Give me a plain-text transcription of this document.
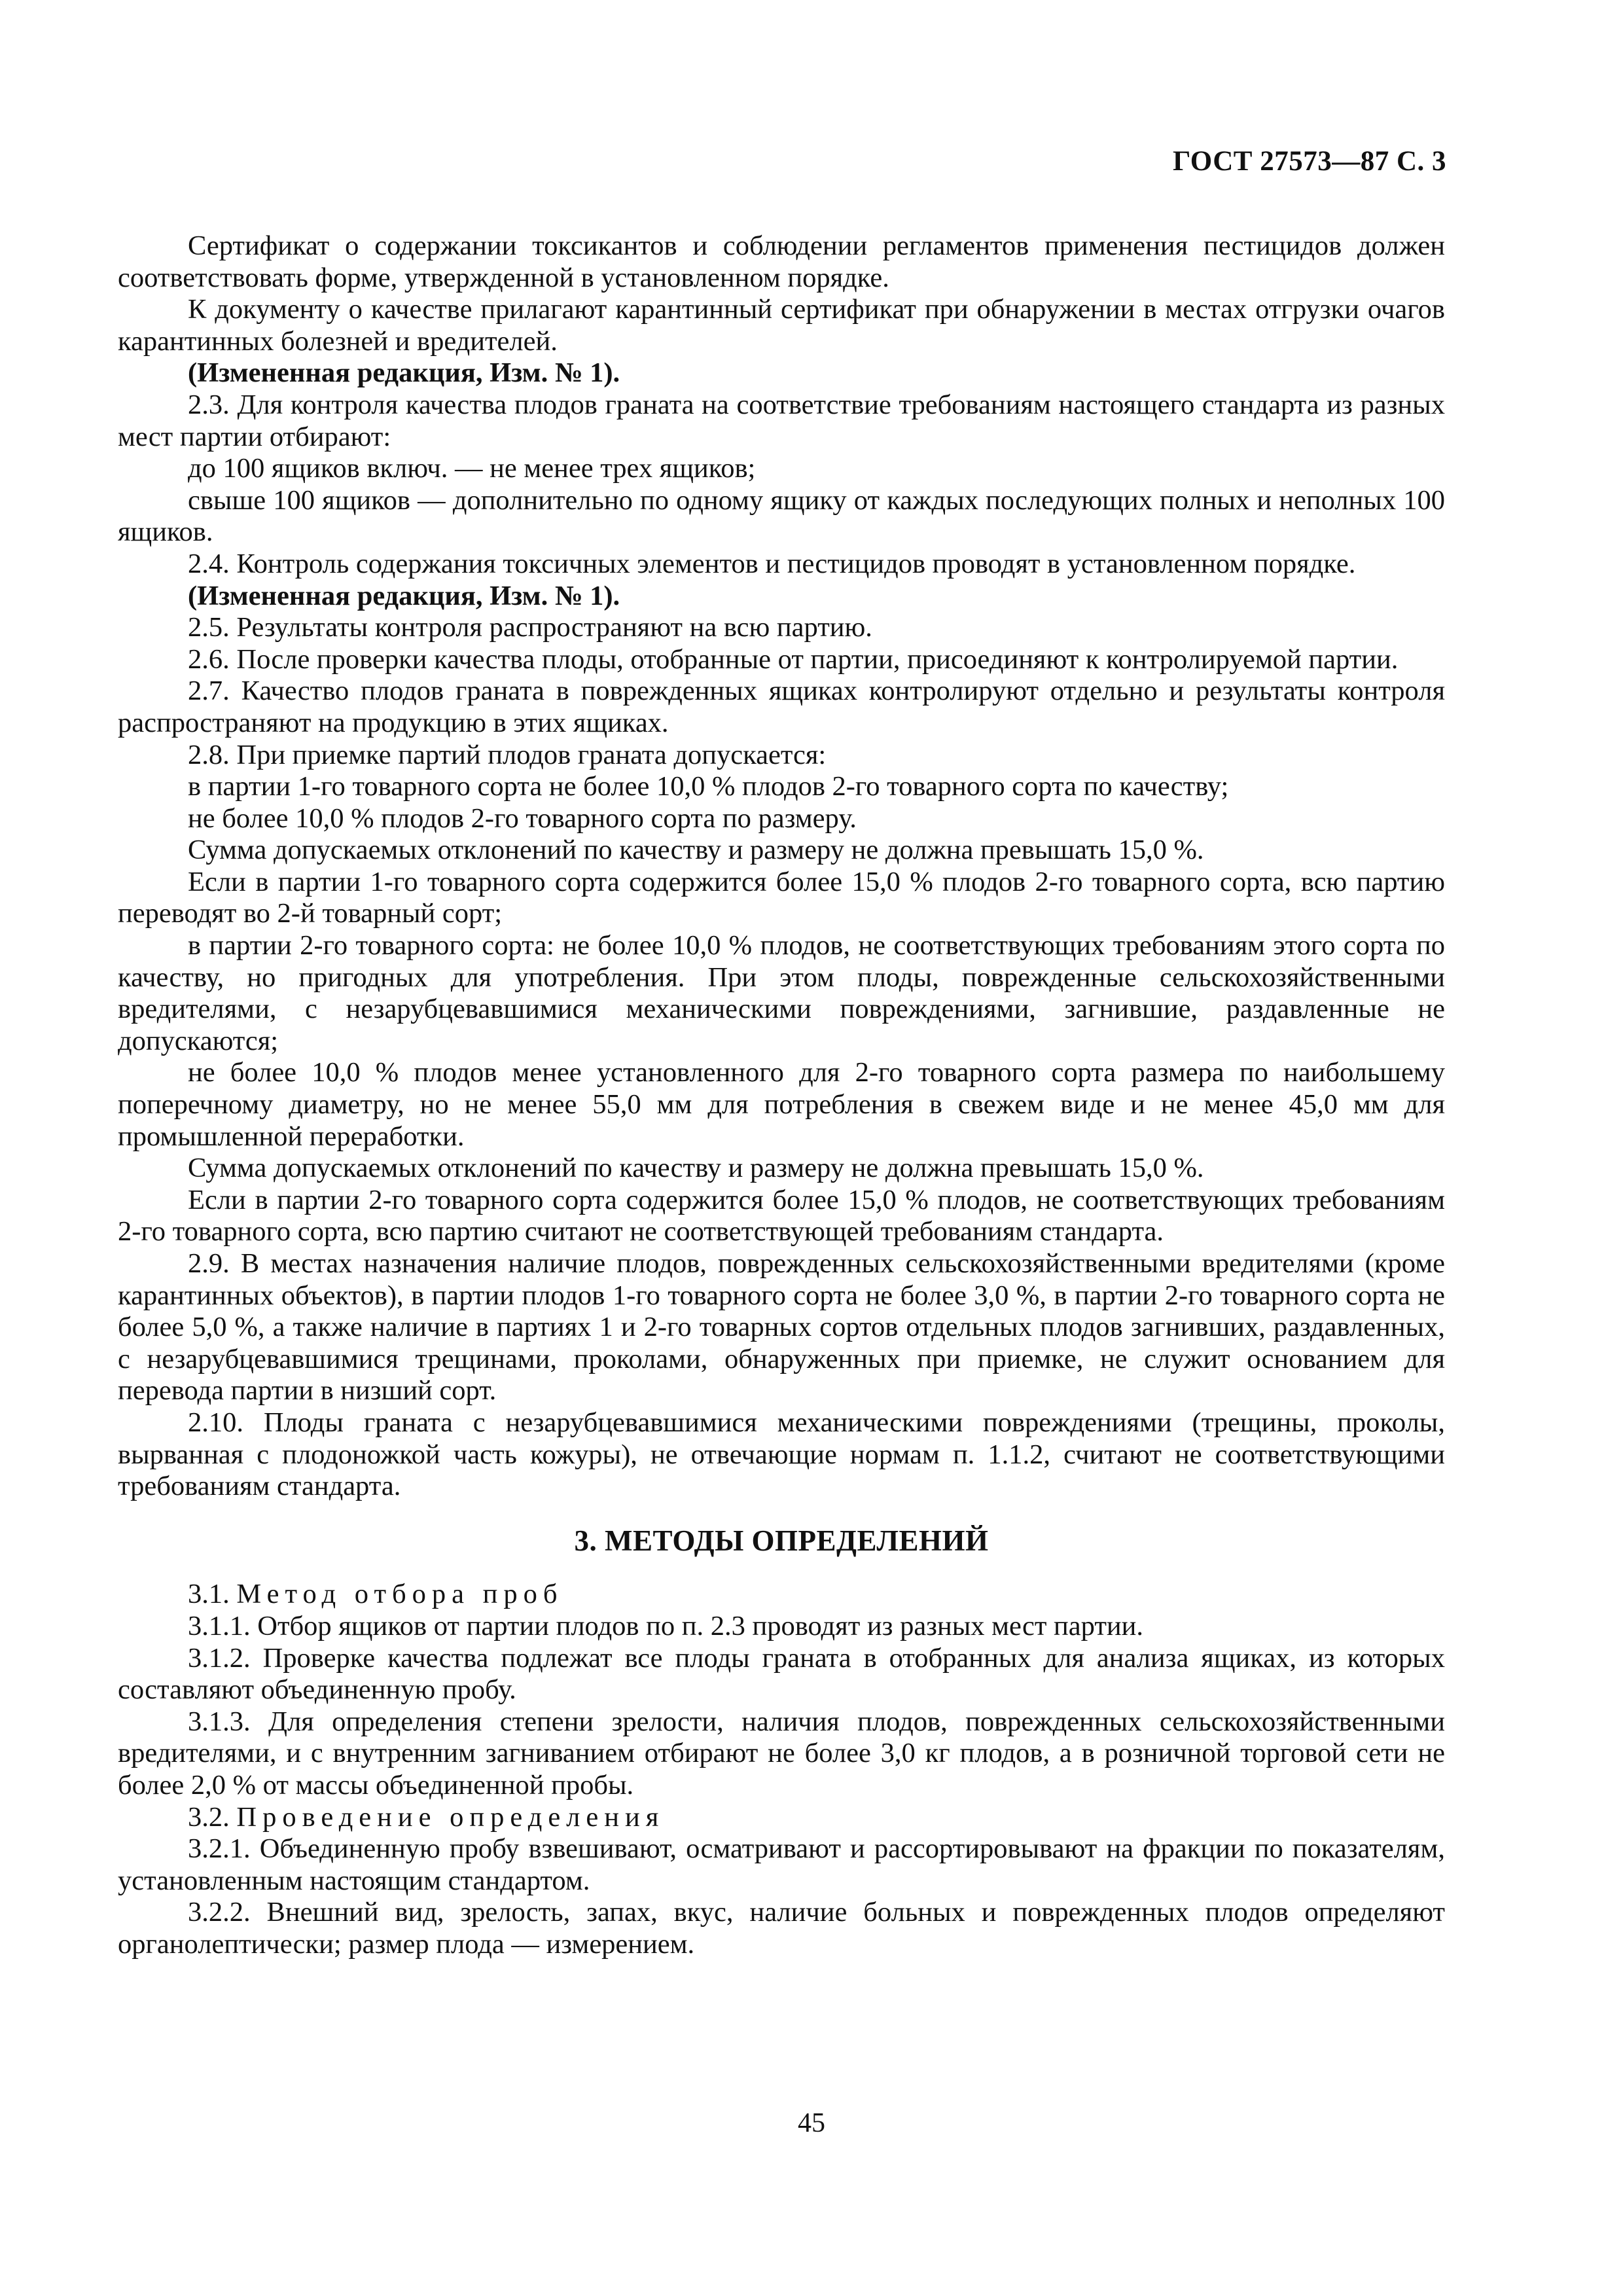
ГОСТ 27573—87 С. 3

Сертификат о содержании токсикантов и соблюдении регламентов применения пестицидов должен соответствовать форме, утвержденной в установленном порядке.

К документу о качестве прилагают карантинный сертификат при обнаружении в местах отгрузки очагов карантинных болезней и вредителей.

(Измененная редакция, Изм. № 1).

2.3. Для контроля качества плодов граната на соответствие требованиям настоящего стандарта из разных мест партии отбирают:

до 100 ящиков включ. — не менее трех ящиков;

свыше 100 ящиков — дополнительно по одному ящику от каждых последующих полных и неполных 100 ящиков.

2.4. Контроль содержания токсичных элементов и пестицидов проводят в установленном порядке.

(Измененная редакция, Изм. № 1).

2.5. Результаты контроля распространяют на всю партию.

2.6. После проверки качества плоды, отобранные от партии, присоединяют к контролируемой партии.

2.7. Качество плодов граната в поврежденных ящиках контролируют отдельно и результаты контроля распространяют на продукцию в этих ящиках.

2.8. При приемке партий плодов граната допускается:

в партии 1-го товарного сорта не более 10,0 % плодов 2-го товарного сорта по качеству;

не более 10,0 % плодов 2-го товарного сорта по размеру.

Сумма допускаемых отклонений по качеству и размеру не должна превышать 15,0 %.

Если в партии 1-го товарного сорта содержится более 15,0 % плодов 2-го товарного сорта, всю партию переводят во 2-й товарный сорт;

в партии 2-го товарного сорта: не более 10,0 % плодов, не соответствующих требованиям этого сорта по качеству, но пригодных для употребления. При этом плоды, поврежденные сельскохозяйственными вредителями, с незарубцевавшимися механическими повреждениями, загнившие, раздавленные не допускаются;

не более 10,0 % плодов менее установленного для 2-го товарного сорта размера по наибольшему поперечному диаметру, но не менее 55,0 мм для потребления в свежем виде и не менее 45,0 мм для промышленной переработки.

Сумма допускаемых отклонений по качеству и размеру не должна превышать 15,0 %.

Если в партии 2-го товарного сорта содержится более 15,0 % плодов, не соответствующих требованиям 2-го товарного сорта, всю партию считают не соответствующей требованиям стандарта.

2.9. В местах назначения наличие плодов, поврежденных сельскохозяйственными вредителями (кроме карантинных объектов), в партии плодов 1-го товарного сорта не более 3,0 %, в партии 2-го товарного сорта не более 5,0 %, а также наличие в партиях 1 и 2-го товарных сортов отдельных плодов загнивших, раздавленных, с незарубцевавшимися трещинами, проколами, обнаруженных при приемке, не служит основанием для перевода партии в низший сорт.

2.10. Плоды граната с незарубцевавшимися механическими повреждениями (трещины, проколы, вырванная с плодоножкой часть кожуры), не отвечающие нормам п. 1.1.2, считают не соответствующими требованиям стандарта.

3. МЕТОДЫ ОПРЕДЕЛЕНИЙ

3.1. Метод отбора проб

3.1.1. Отбор ящиков от партии плодов по п. 2.3 проводят из разных мест партии.

3.1.2. Проверке качества подлежат все плоды граната в отобранных для анализа ящиках, из которых составляют объединенную пробу.

3.1.3. Для определения степени зрелости, наличия плодов, поврежденных сельскохозяйственными вредителями, и с внутренним загниванием отбирают не более 3,0 кг плодов, а в розничной торговой сети не более 2,0 % от массы объединенной пробы.

3.2. Проведение определения

3.2.1. Объединенную пробу взвешивают, осматривают и рассортировывают на фракции по показателям, установленным настоящим стандартом.

3.2.2. Внешний вид, зрелость, запах, вкус, наличие больных и поврежденных плодов определяют органолептически; размер плода — измерением.

45
